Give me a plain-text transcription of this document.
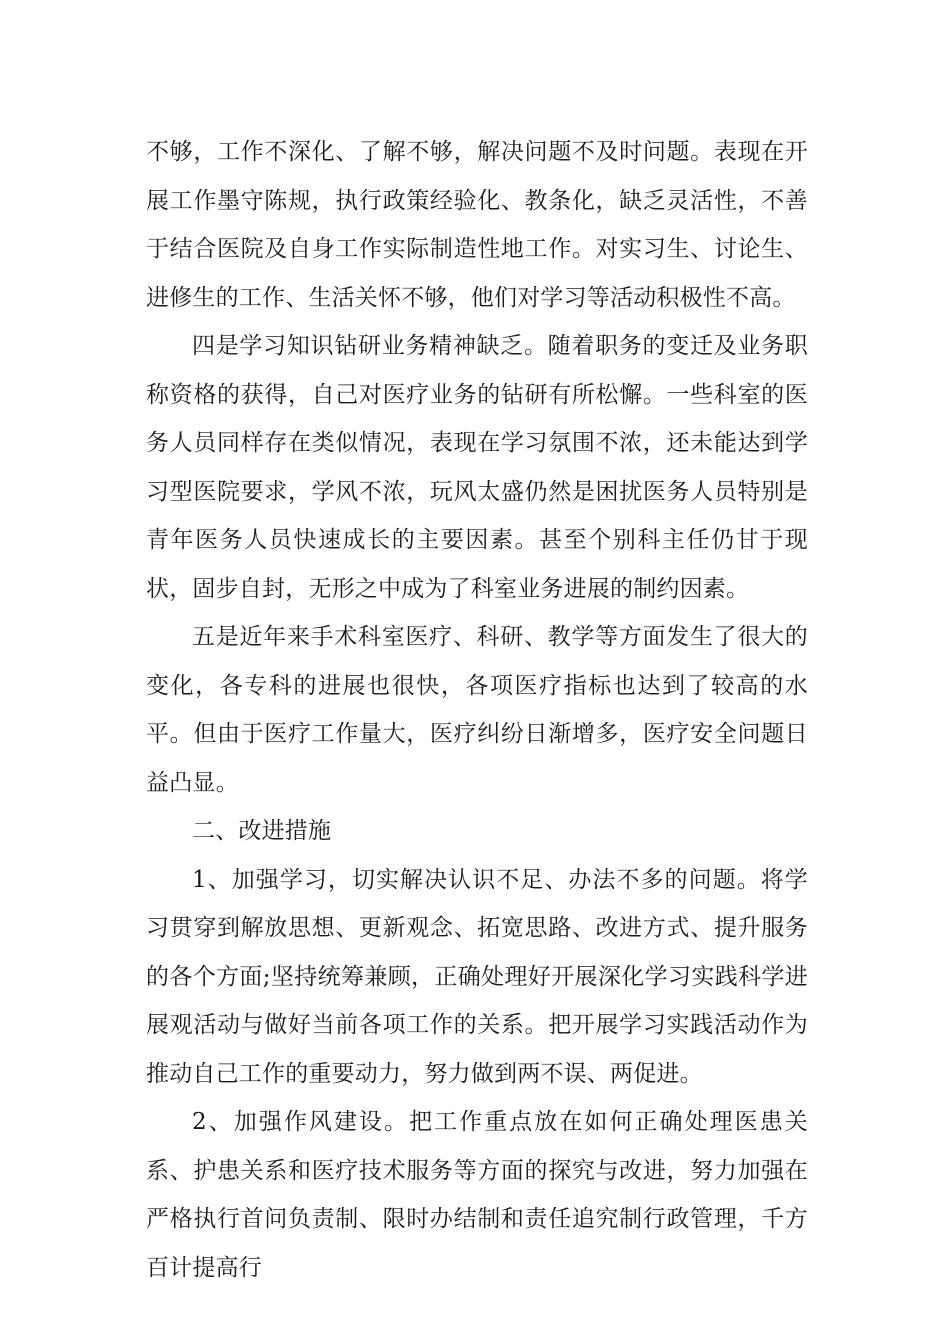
不够，工作不深化、了解不够，解决问题不及时问题。表现在开展工作墨守陈规，执行政策经验化、教条化，缺乏灵活性，不善于结合医院及自身工作实际制造性地工作。对实习生、讨论生、进修生的工作、生活关怀不够，他们对学习等活动积极性不高。

四是学习知识钻研业务精神缺乏。随着职务的变迁及业务职称资格的获得，自己对医疗业务的钻研有所松懈。一些科室的医务人员同样存在类似情况，表现在学习氛围不浓，还未能达到学习型医院要求，学风不浓，玩风太盛仍然是困扰医务人员特别是青年医务人员快速成长的主要因素。甚至个别科主任仍甘于现状，固步自封，无形之中成为了科室业务进展的制约因素。

五是近年来手术科室医疗、科研、教学等方面发生了很大的变化，各专科的进展也很快，各项医疗指标也达到了较高的水平。但由于医疗工作量大，医疗纠纷日渐增多，医疗安全问题日益凸显。

二、改进措施

1、加强学习，切实解决认识不足、办法不多的问题。将学习贯穿到解放思想、更新观念、拓宽思路、改进方式、提升服务的各个方面;坚持统筹兼顾，正确处理好开展深化学习实践科学进展观活动与做好当前各项工作的关系。把开展学习实践活动作为推动自己工作的重要动力，努力做到两不误、两促进。

2、加强作风建设。把工作重点放在如何正确处理医患关系、护患关系和医疗技术服务等方面的探究与改进，努力加强在严格执行首问负责制、限时办结制和责任追究制行政管理，千方百计提高行
